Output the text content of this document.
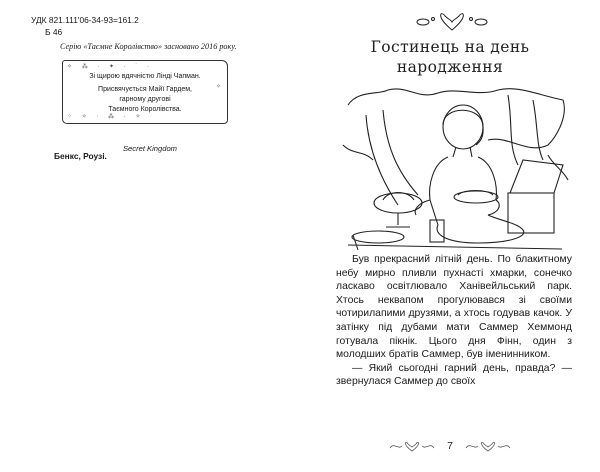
УДК 821.111'06-34-93=161.2
Б 46
Серію «Таємне Королівство» засновано 2016 року.
✧ ⁂ · ✦ · ˙ ·
⁘ ✧ · ⁂ · ✧
✧
Зі щирою вдячністю Лінді Чапман.
Присвячується Майї Гардем,
гарному другові
Таємного Королівства.
Бенкс, Роузі.
Гостинець на день
народження

Був прекрасний літній день. По блакитному небу мирно пливли пухнасті хмарки, сонечко ласкаво освітлювало Ханівейльський парк. Хтось неквапом прогулювався зі своїми чотирилапими друзями, а хтось годував качок. У затінку під дубами мати Саммер Хеммонд готувала пікнік. Цього дня Фінн, один з молодших братів Саммер, був іменинником.

— Який сьогодні гарний день, правда? — звернулася Саммер до своїх

7
Secret Kingdom
